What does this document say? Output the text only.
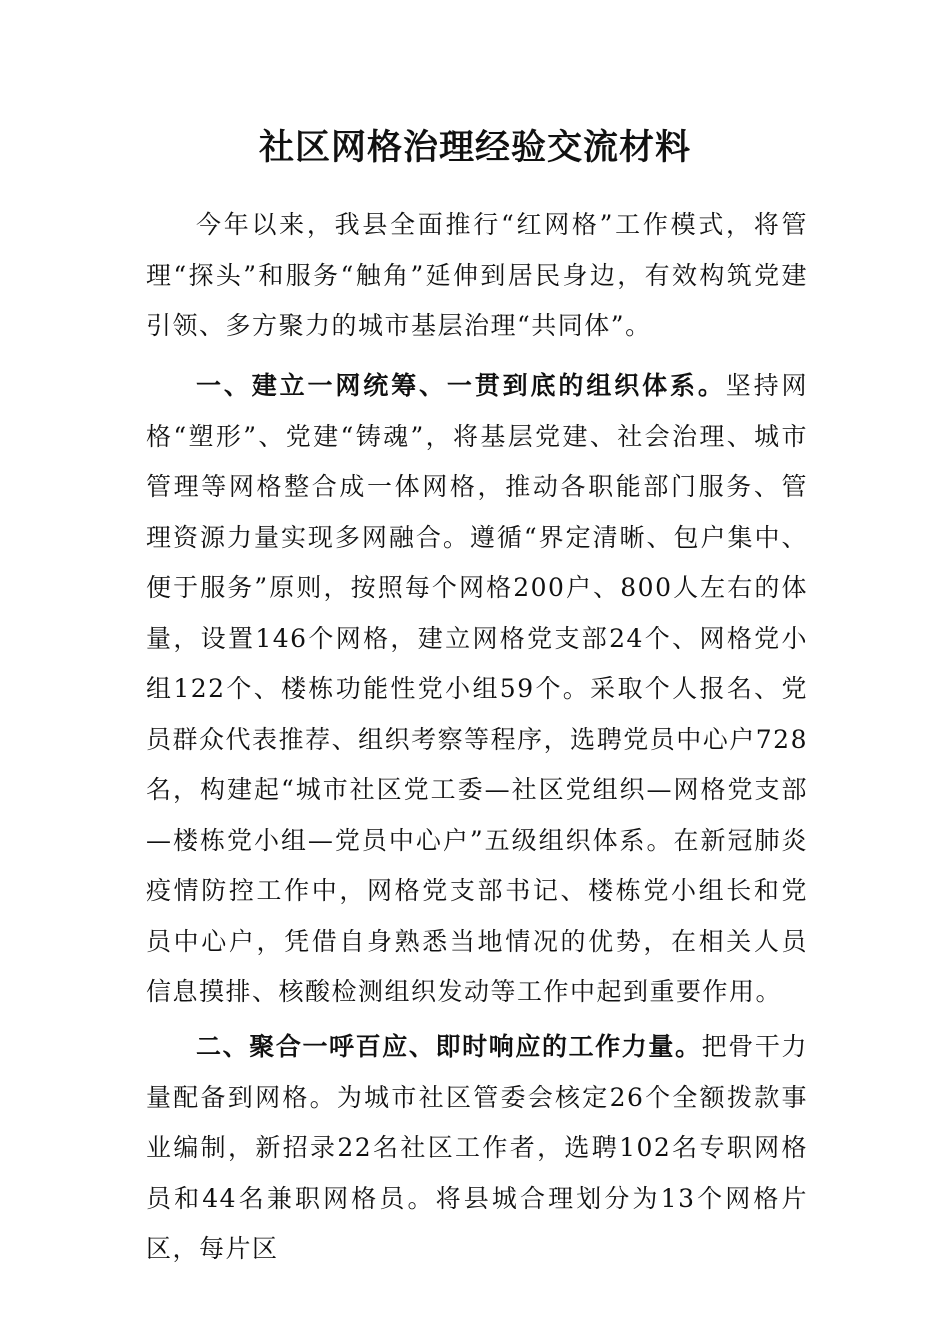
社区网格治理经验交流材料

今年以来，我县全面推行“红网格”工作模式，将管理“探头”和服务“触角”延伸到居民身边，有效构筑党建引领、多方聚力的城市基层治理“共同体”。

一、建立一网统筹、一贯到底的组织体系。坚持网格“塑形”、党建“铸魂”，将基层党建、社会治理、城市管理等网格整合成一体网格，推动各职能部门服务、管理资源力量实现多网融合。遵循“界定清晰、包户集中、便于服务”原则，按照每个网格200户、800人左右的体量，设置146个网格，建立网格党支部24个、网格党小组122个、楼栋功能性党小组59个。采取个人报名、党员群众代表推荐、组织考察等程序，选聘党员中心户728名，构建起“城市社区党工委—社区党组织—网格党支部—楼栋党小组—党员中心户”五级组织体系。在新冠肺炎疫情防控工作中，网格党支部书记、楼栋党小组长和党员中心户，凭借自身熟悉当地情况的优势，在相关人员信息摸排、核酸检测组织发动等工作中起到重要作用。

二、聚合一呼百应、即时响应的工作力量。把骨干力量配备到网格。为城市社区管委会核定26个全额拨款事业编制，新招录22名社区工作者，选聘102名专职网格员和44名兼职网格员。将县城合理划分为13个网格片区，每片区
